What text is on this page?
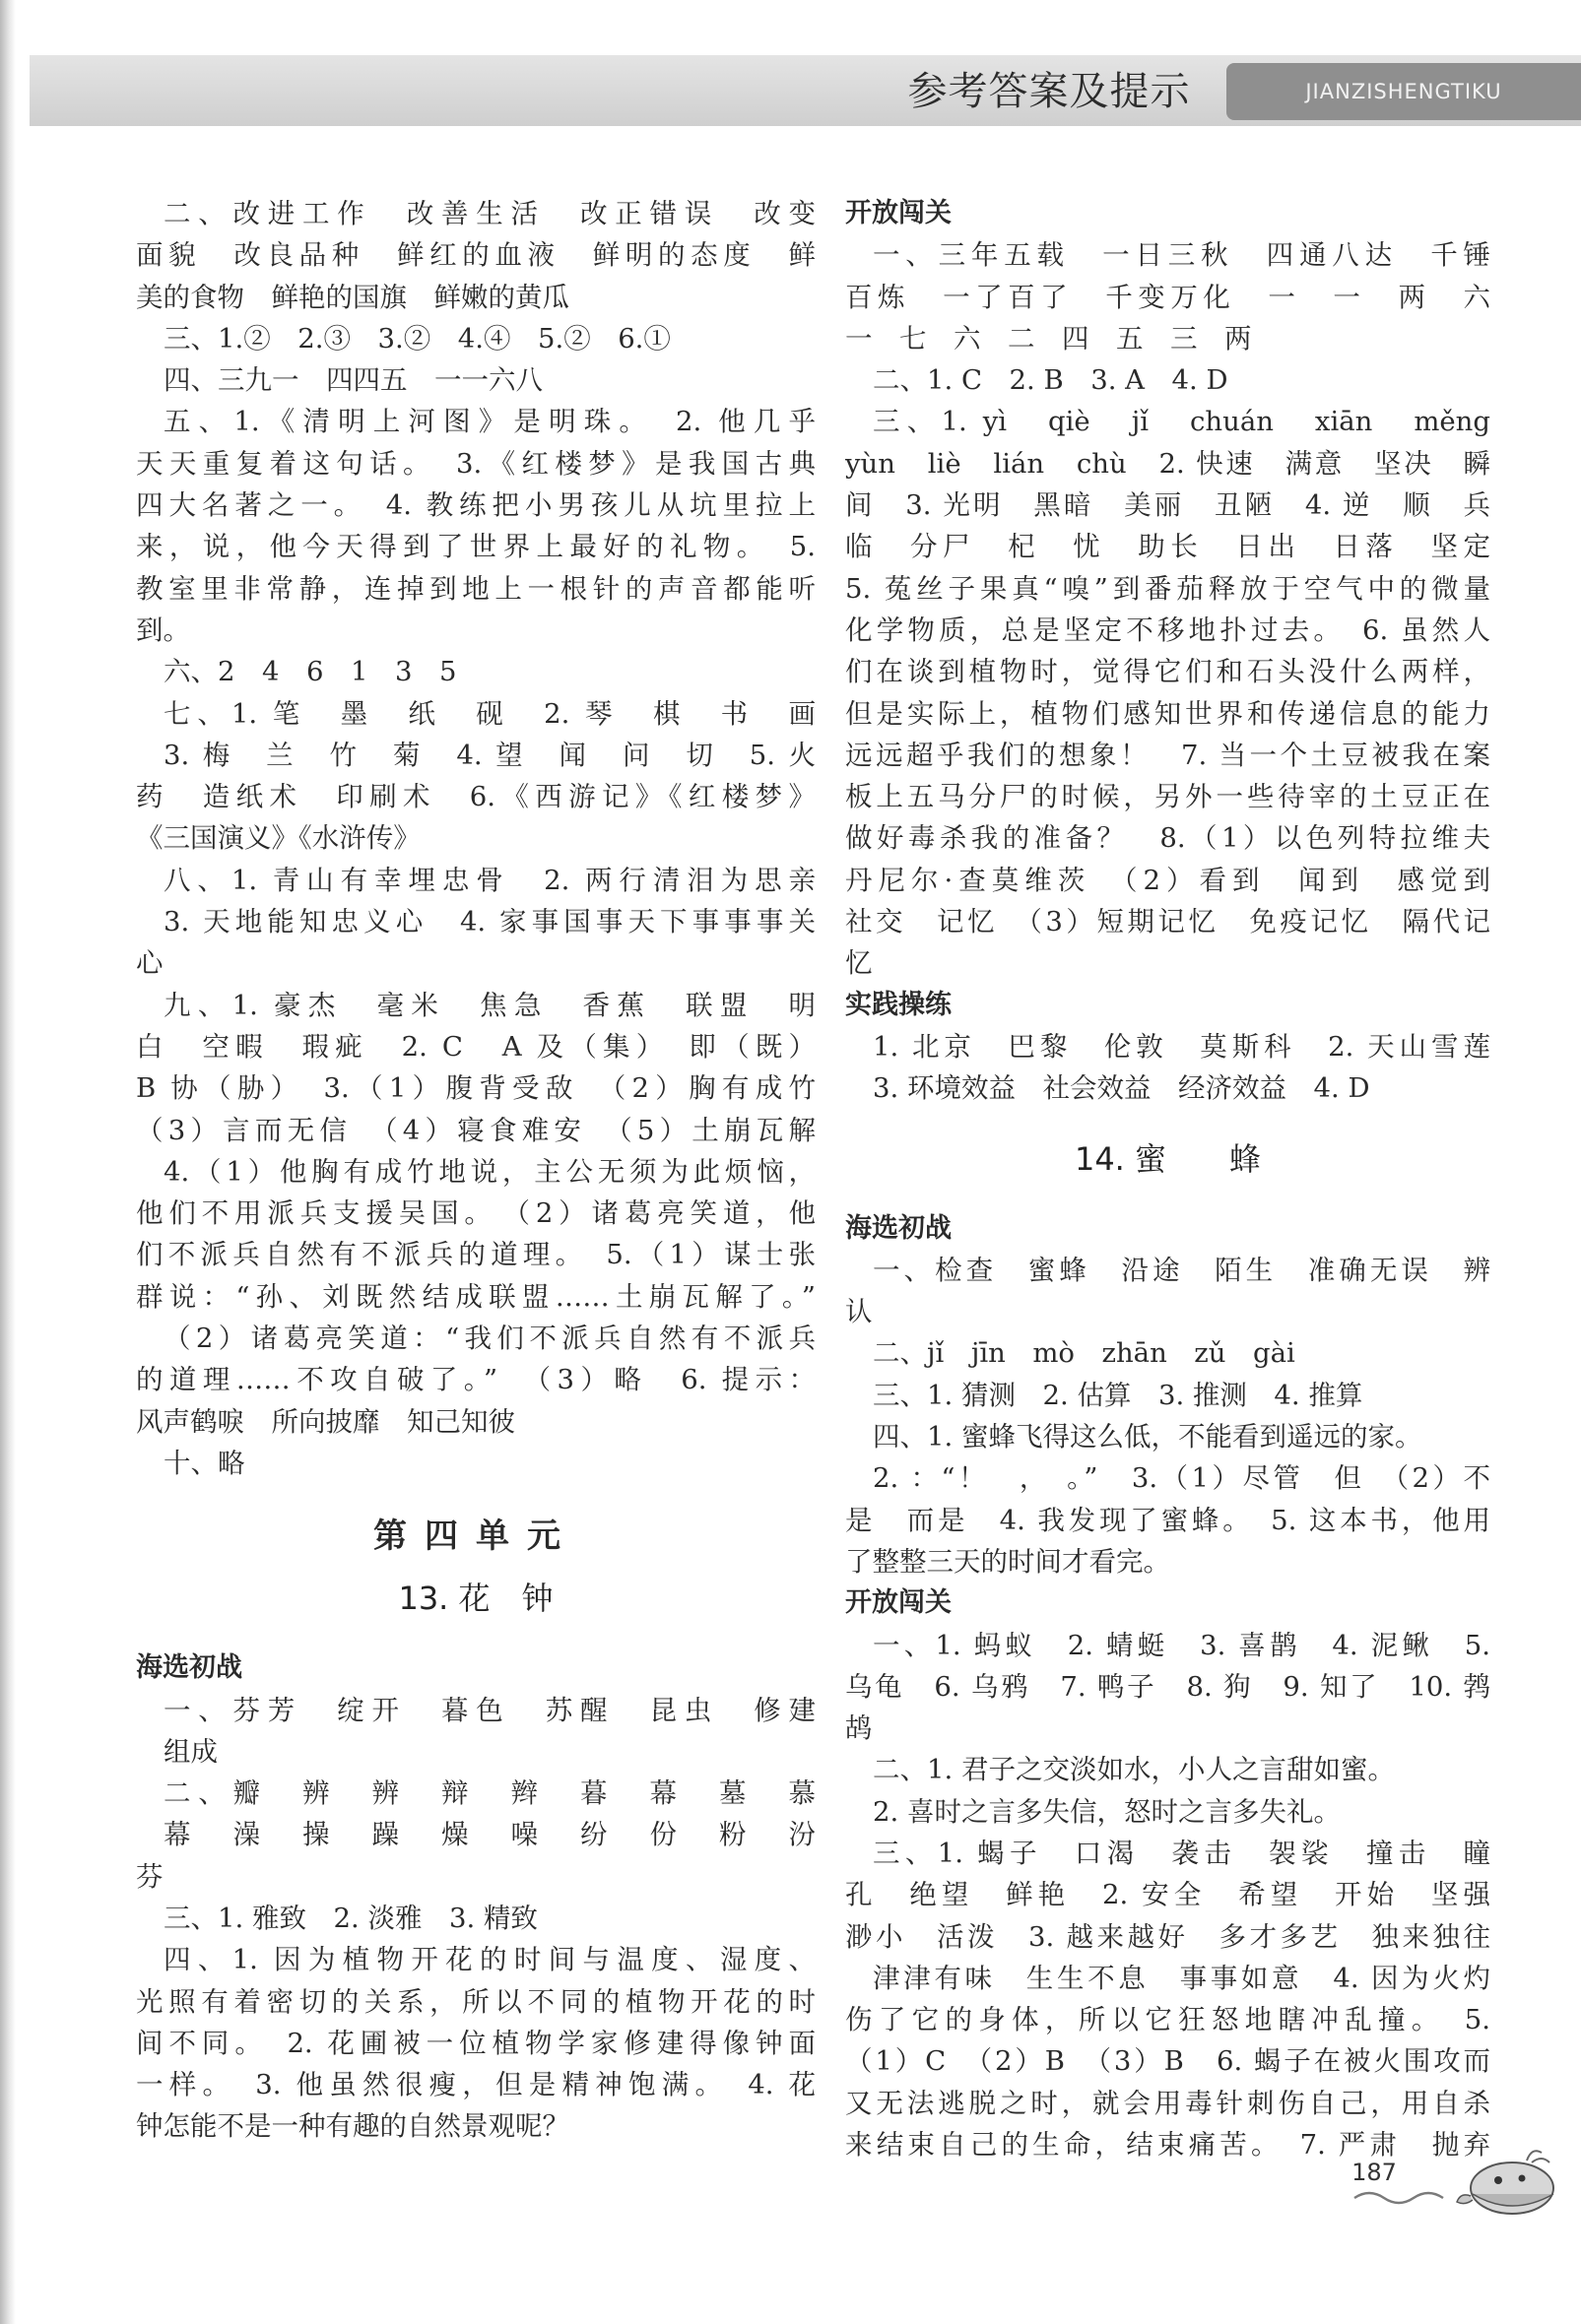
参考答案及提示	JIANZISHENGTIKU
二、改进工作　改善生活　改正错误　改变
面貌　改良品种　鲜红的血液　鲜明的态度　鲜
美的食物　鲜艳的国旗　鲜嫩的黄瓜
三、1.②　2.③　3.②　4.④　5.②　6.①
四、三九一　四四五　一一六八
五、1.《清明上河图》是明珠。　2. 他几乎
天天重复着这句话。　3.《红楼梦》是我国古典
四大名著之一。　4. 教练把小男孩儿从坑里拉上
来，说，他今天得到了世界上最好的礼物。　5.
教室里非常静，连掉到地上一根针的声音都能听
到。
六、2　4　6　1　3　5
七、1. 笔　墨　纸　砚　2. 琴　棋　书　画
3. 梅　兰　竹　菊　4. 望　闻　问　切　5. 火
药　造纸术　印刷术　6.《西游记》《红楼梦》
《三国演义》《水浒传》
八、1. 青山有幸埋忠骨　2. 两行清泪为思亲
3. 天地能知忠义心　4. 家事国事天下事事事关
心
九、1. 豪杰　毫米　焦急　香蕉　联盟　明
白　空暇　瑕疵　2. C　A 及（集）　即（既）
B 协（胁）　3.（1）腹背受敌　（2）胸有成竹
（3）言而无信　（4）寝食难安　（5）土崩瓦解
4.（1）他胸有成竹地说，主公无须为此烦恼，
他们不用派兵支援吴国。　（2）诸葛亮笑道，他
们不派兵自然有不派兵的道理。　5.（1）谋士张
群说：“孙、刘既然结成联盟……土崩瓦解了。”
（2）诸葛亮笑道：“我们不派兵自然有不派兵
的道理……不攻自破了。”　（3）略　6. 提示：
风声鹤唳　所向披靡　知己知彼
十、略
第四单元
13. 花　钟
海选初战
一、芬芳　绽开　暮色　苏醒　昆虫　修建
组成
二、瓣　辨　辨　辩　辫　暮　幕　墓　慕
幕　澡　操　躁　燥　噪　纷　份　粉　汾
芬
三、1. 雅致　2. 淡雅　3. 精致
四、1. 因为植物开花的时间与温度、湿度、
光照有着密切的关系，所以不同的植物开花的时
间不同。　2. 花圃被一位植物学家修建得像钟面
一样。　3. 他虽然很瘦，但是精神饱满。　4. 花
钟怎能不是一种有趣的自然景观呢？
开放闯关
一、三年五载　一日三秋　四通八达　千锤
百炼　一了百了　千变万化　一　一　两　六
一　七　六　二　四　五　三　两
二、1. C　2. B　3. A　4. D
三、1. yì　qiè　jǐ　chuán　xiān　měng
yùn　liè　lián　chù　2. 快速　满意　坚决　瞬
间　3. 光明　黑暗　美丽　丑陋　4. 逆　顺　兵
临　分尸　杞　忧　助长　日出　日落　坚定
5. 菟丝子果真“嗅”到番茄释放于空气中的微量
化学物质，总是坚定不移地扑过去。　6. 虽然人
们在谈到植物时，觉得它们和石头没什么两样，
但是实际上，植物们感知世界和传递信息的能力
远远超乎我们的想象！　7. 当一个土豆被我在案
板上五马分尸的时候，另外一些待宰的土豆正在
做好毒杀我的准备？　8.（1）以色列特拉维夫
丹尼尔·查莫维茨　（2）看到　闻到　感觉到
社交　记忆　（3）短期记忆　免疫记忆　隔代记
忆
实践操练
1. 北京　巴黎　伦敦　莫斯科　2. 天山雪莲
3. 环境效益　社会效益　经济效益　4. D
14. 蜜　　蜂
海选初战
一、检查　蜜蜂　沿途　陌生　准确无误　辨
认
二、jǐ　jīn　mò　zhān　zǔ　gài
三、1. 猜测　2. 估算　3. 推测　4. 推算
四、1. 蜜蜂飞得这么低，不能看到遥远的家。
2. ：“！　，　。”　3.（1）尽管　但　（2）不
是　而是　4. 我发现了蜜蜂。　5. 这本书，他用
了整整三天的时间才看完。
开放闯关
一、1. 蚂蚁　2. 蜻蜓　3. 喜鹊　4. 泥鳅　5.
乌龟　6. 乌鸦　7. 鸭子　8. 狗　9. 知了　10. 鹁
鸪
二、1. 君子之交淡如水，小人之言甜如蜜。
2. 喜时之言多失信，怒时之言多失礼。
三、1. 蝎子　口渴　袭击　袈裟　撞击　瞳
孔　绝望　鲜艳　2. 安全　希望　开始　坚强
渺小　活泼　3. 越来越好　多才多艺　独来独往
津津有味　生生不息　事事如意　4. 因为火灼
伤了它的身体，所以它狂怒地瞎冲乱撞。　5.
（1）C　（2）B　（3）B　6. 蝎子在被火围攻而
又无法逃脱之时，就会用毒针刺伤自己，用自杀
来结束自己的生命，结束痛苦。　7. 严肃　抛弃
187
